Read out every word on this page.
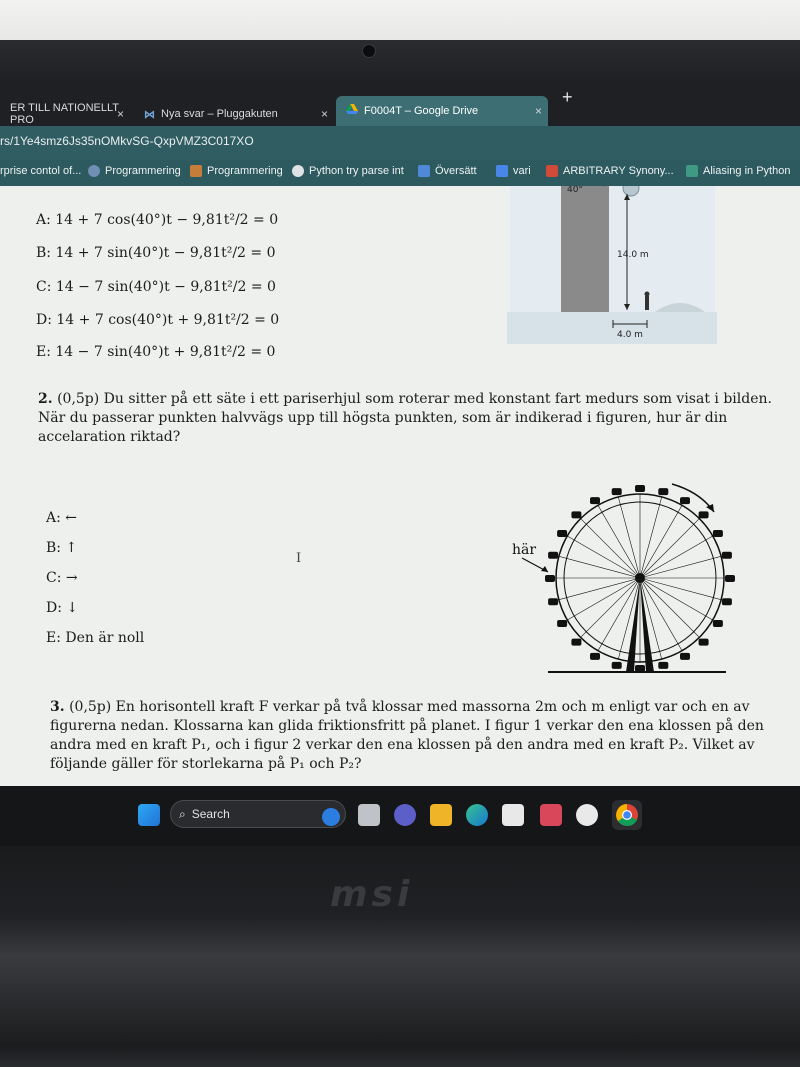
ER TILL NATIONELLT PRO	× ⋈ Nya svar – Pluggakuten	×	F0004T – Google Drive	×
+
rs/1Ye4smz6Js35nOMkvSG-QxpVMZ3C017XO
rprise contol of... Programmering Programmering Python try parse int	Översätt	vari	ARBITRARY Synony...	Aliasing in Python
A: 14 + 7 cos(40°)t − 9,81t²/2 = 0
B: 14 + 7 sin(40°)t − 9,81t²/2 = 0
C: 14 − 7 sin(40°)t − 9,81t²/2 = 0
D: 14 + 7 cos(40°)t + 9,81t²/2 = 0
E: 14 − 7 sin(40°)t + 9,81t²/2 = 0
40°
14.0 m
4.0 m
2. (0,5p) Du sitter på ett säte i ett pariserhjul som roterar med konstant fart medurs som visat i bilden. När du passerar punkten halvvägs upp till högsta punkten, som är indikerad i figuren, hur är din accelaration riktad?
A: ←
B: ↑
C: →
D: ↓
E: Den är noll
I
här
3. (0,5p) En horisontell kraft F verkar på två klossar med massorna 2m och m enligt var och en av figurerna nedan. Klossarna kan glida friktionsfritt på planet. I figur 1 verkar den ena klossen på den andra med en kraft P₁, och i figur 2 verkar den ena klossen på den andra med en kraft P₂. Vilket av följande gäller för storlekarna på P₁ och P₂?
⌕ Search
msi
